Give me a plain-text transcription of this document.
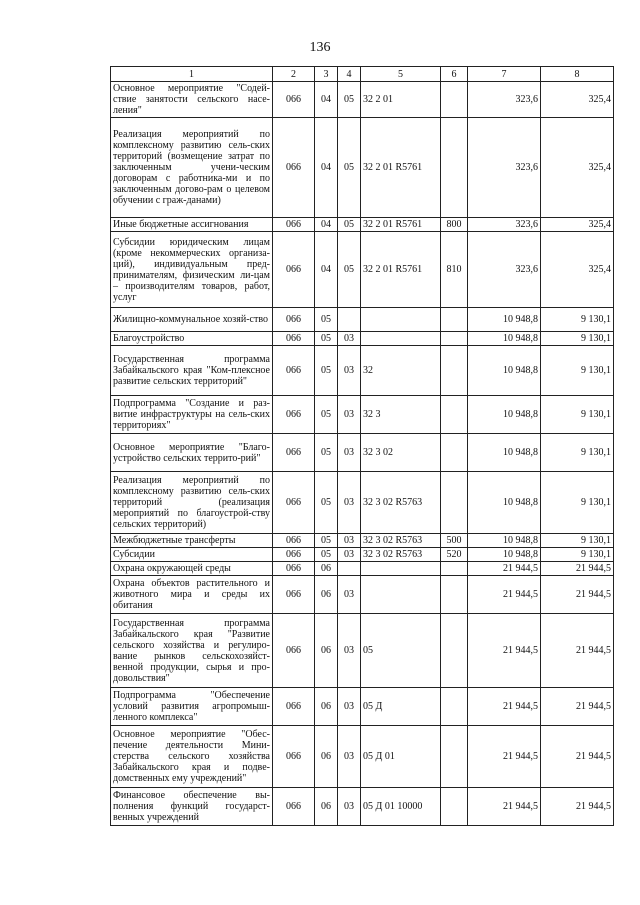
136
1	2	3	4	5	6	7	8
Основное мероприятие "Содей-ствие занятости сельского насе-ления"	066	04	05	32 2 01		323,6	325,4
Реализация мероприятий по комплексному развитию сель-ских территорий (возмещение затрат по заключенным учени-ческим договорам с работника-ми и по заключенным догово-рам о целевом обучении с граж-данами)	066	04	05	32 2 01 R5761		323,6	325,4
Иные бюджетные ассигнования	066	04	05	32 2 01 R5761	800	323,6	325,4
Субсидии юридическим лицам (кроме некоммерческих организа-ций), индивидуальным пред-принимателям, физическим ли-цам – производителям товаров, работ, услуг	066	04	05	32 2 01 R5761	810	323,6	325,4
Жилищно-коммунальное хозяй-ство	066	05				10 948,8	9 130,1
Благоустройство	066	05	03			10 948,8	9 130,1
Государственная программа Забайкальского края "Ком-плексное развитие сельских территорий"	066	05	03	32		10 948,8	9 130,1
Подпрограмма "Создание и раз-витие инфраструктуры на сель-ских территориях"	066	05	03	32 3		10 948,8	9 130,1
Основное мероприятие "Благо-устройство сельских террито-рий"	066	05	03	32 3 02		10 948,8	9 130,1
Реализация мероприятий по комплексному развитию сель-ских территорий (реализация мероприятий по благоустрой-ству сельских территорий)	066	05	03	32 3 02 R5763		10 948,8	9 130,1
Межбюджетные трансферты	066	05	03	32 3 02 R5763	500	10 948,8	9 130,1
Субсидии	066	05	03	32 3 02 R5763	520	10 948,8	9 130,1
Охрана окружающей среды	066	06				21 944,5	21 944,5
Охрана объектов растительного и животного мира и среды их обитания	066	06	03			21 944,5	21 944,5
Государственная программа Забайкальского края "Развитие сельского хозяйства и регулиро-вание рынков сельскохозяйст-венной продукции, сырья и про-довольствия"	066	06	03	05		21 944,5	21 944,5
Подпрограмма "Обеспечение условий развития агропромыш-ленного комплекса"	066	06	03	05 Д		21 944,5	21 944,5
Основное мероприятие "Обес-печение деятельности Мини-стерства сельского хозяйства Забайкальского края и подве-домственных ему учреждений"	066	06	03	05 Д 01		21 944,5	21 944,5
Финансовое обеспечение вы-полнения функций государст-венных учреждений	066	06	03	05 Д 01 10000		21 944,5	21 944,5
